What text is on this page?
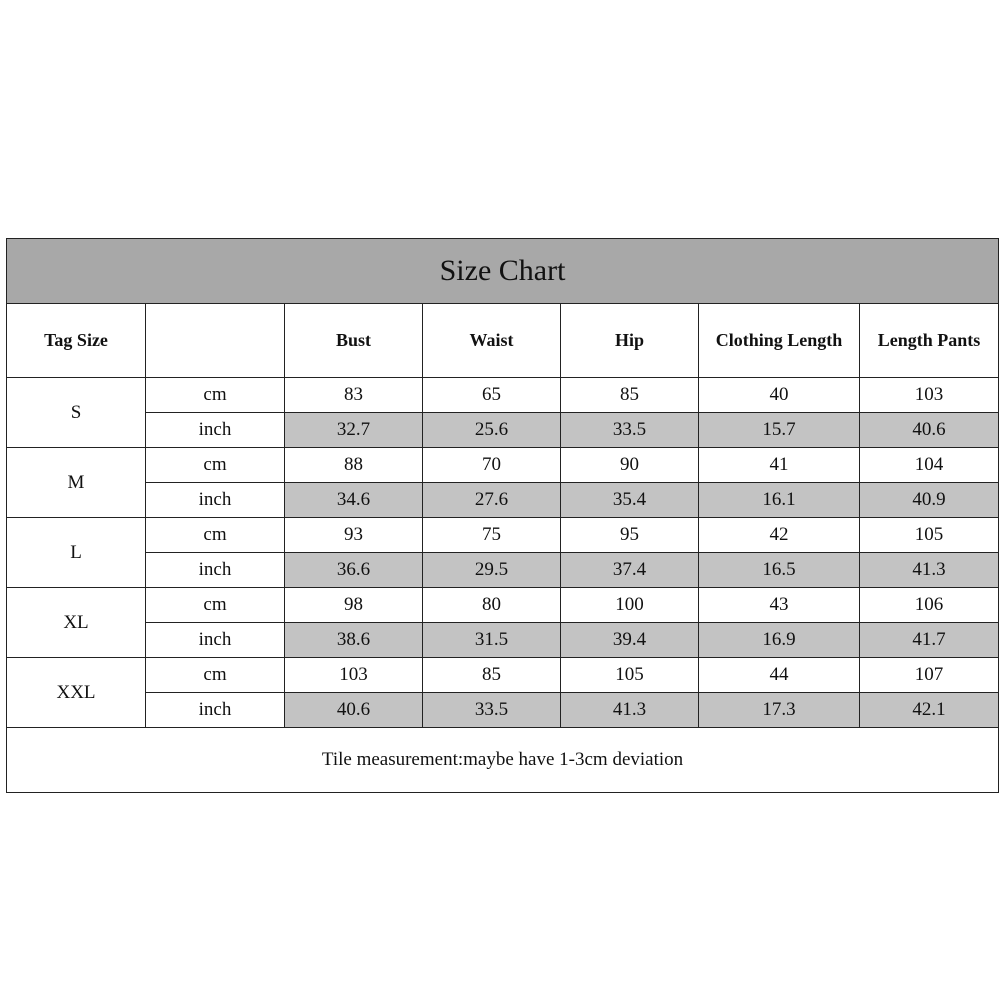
Size Chart						
Tag Size		Bust	Waist	Hip	Clothing Length	Length Pants
S	cm	83	65	85	40	103
	inch	32.7	25.6	33.5	15.7	40.6
M	cm	88	70	90	41	104
	inch	34.6	27.6	35.4	16.1	40.9
L	cm	93	75	95	42	105
	inch	36.6	29.5	37.4	16.5	41.3
XL	cm	98	80	100	43	106
	inch	38.6	31.5	39.4	16.9	41.7
XXL	cm	103	85	105	44	107
	inch	40.6	33.5	41.3	17.3	42.1
Tile measurement:maybe have 1-3cm deviation						
